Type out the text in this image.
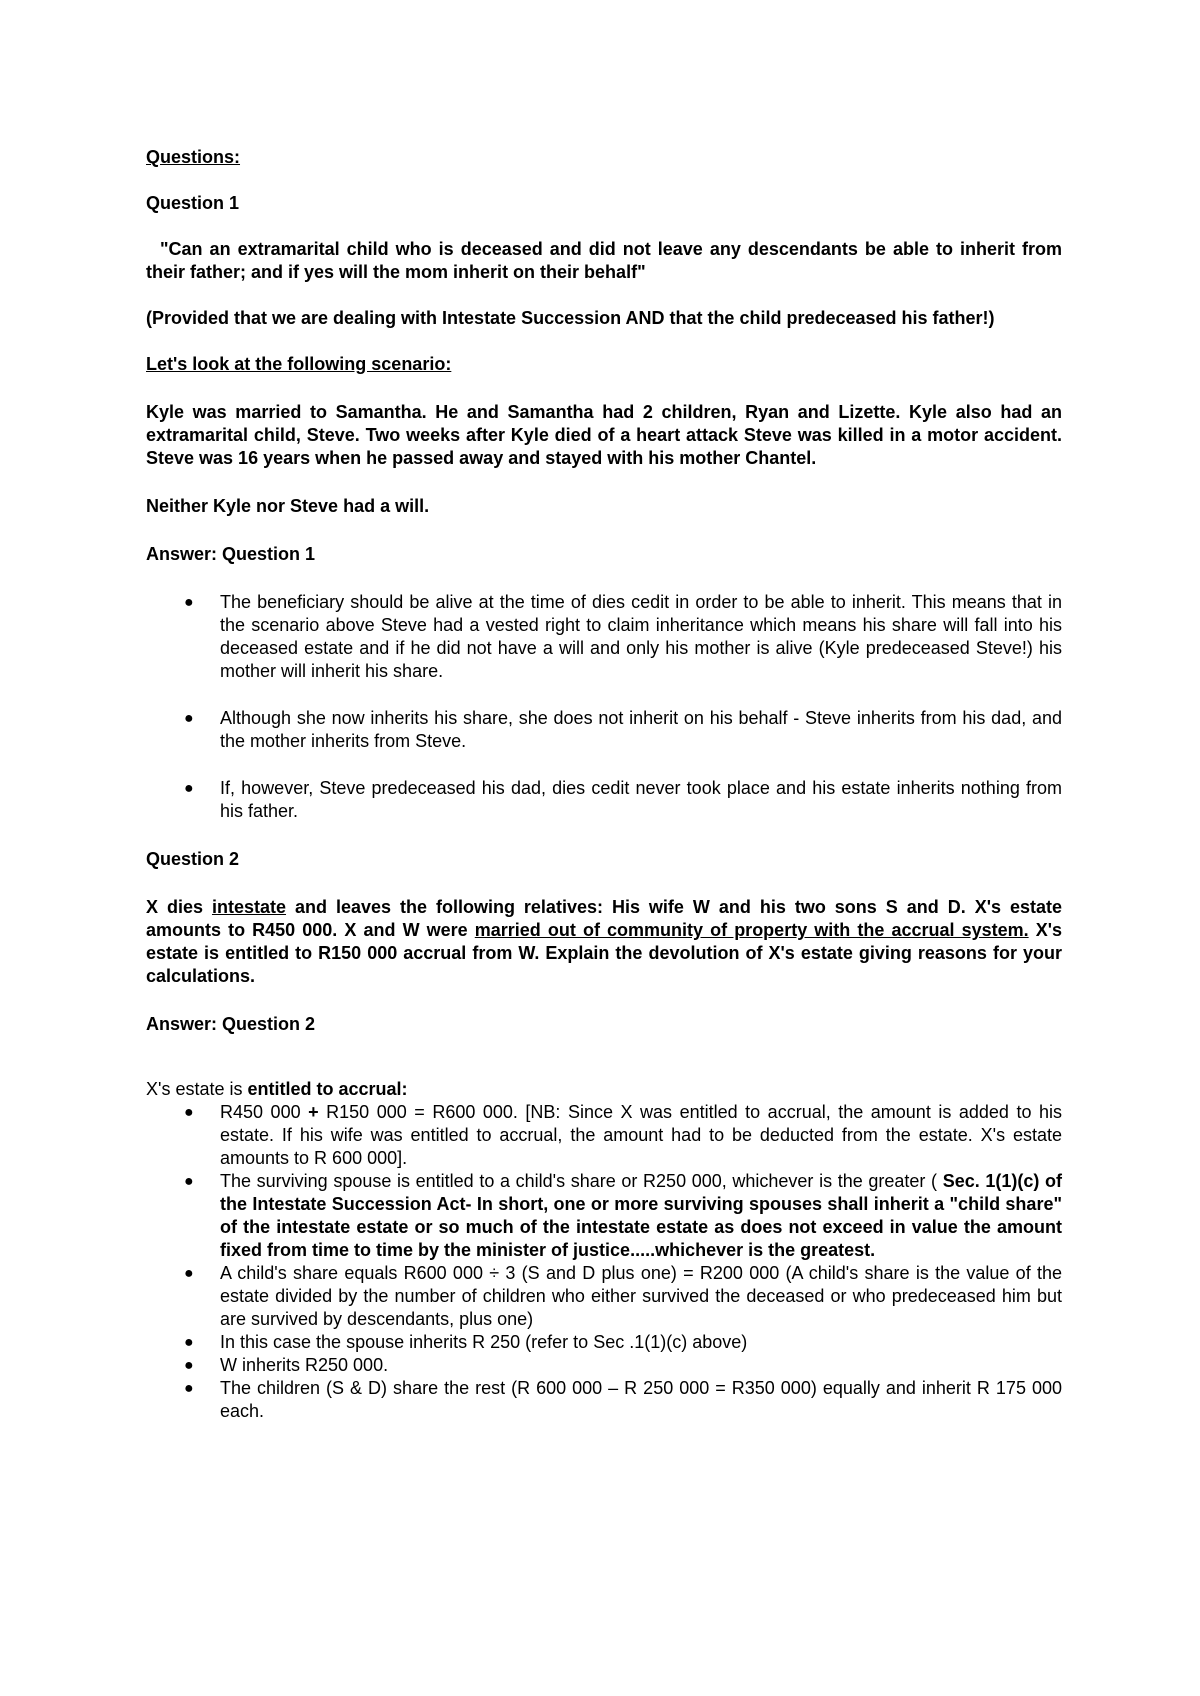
Questions:

Question 1

"Can an extramarital child who is deceased and did not leave any descendants be able to inherit from their father; and if yes will the mom inherit on their behalf"

(Provided that we are dealing with Intestate Succession AND that the child predeceased his father!)

Let's look at the following scenario:

Kyle was married to Samantha. He and Samantha had 2 children, Ryan and Lizette. Kyle also had an extramarital child, Steve. Two weeks after Kyle died of a heart attack Steve was killed in a motor accident. Steve was 16 years when he passed away and stayed with his mother Chantel.

Neither Kyle nor Steve had a will.

Answer: Question 1

● The beneficiary should be alive at the time of dies cedit in order to be able to inherit. This means that in the scenario above Steve had a vested right to claim inheritance which means his share will fall into his deceased estate and if he did not have a will and only his mother is alive (Kyle predeceased Steve!) his mother will inherit his share.
● Although she now inherits his share, she does not inherit on his behalf - Steve inherits from his dad, and the mother inherits from Steve.
● If, however, Steve predeceased his dad, dies cedit never took place and his estate inherits nothing from his father.

Question 2

X dies intestate and leaves the following relatives: His wife W and his two sons S and D. X's estate amounts to R450 000. X and W were married out of community of property with the accrual system. X's estate is entitled to R150 000 accrual from W. Explain the devolution of X's estate giving reasons for your calculations.

Answer: Question 2

X's estate is entitled to accrual:

● R450 000 + R150 000 = R600 000. [NB: Since X was entitled to accrual, the amount is added to his estate. If his wife was entitled to accrual, the amount had to be deducted from the estate. X's estate amounts to R 600 000].
● The surviving spouse is entitled to a child's share or R250 000, whichever is the greater ( Sec. 1(1)(c) of the Intestate Succession Act- In short, one or more surviving spouses shall inherit a "child share" of the intestate estate or so much of the intestate estate as does not exceed in value the amount fixed from time to time by the minister of justice.....whichever is the greatest.
● A child's share equals R600 000 ÷ 3 (S and D plus one) = R200 000 (A child's share is the value of the estate divided by the number of children who either survived the deceased or who predeceased him but are survived by descendants, plus one)
● In this case the spouse inherits R 250 (refer to Sec .1(1)(c) above)
● W inherits R250 000.
● The children (S & D) share the rest (R 600 000 – R 250 000 = R350 000) equally and inherit R 175 000 each.
